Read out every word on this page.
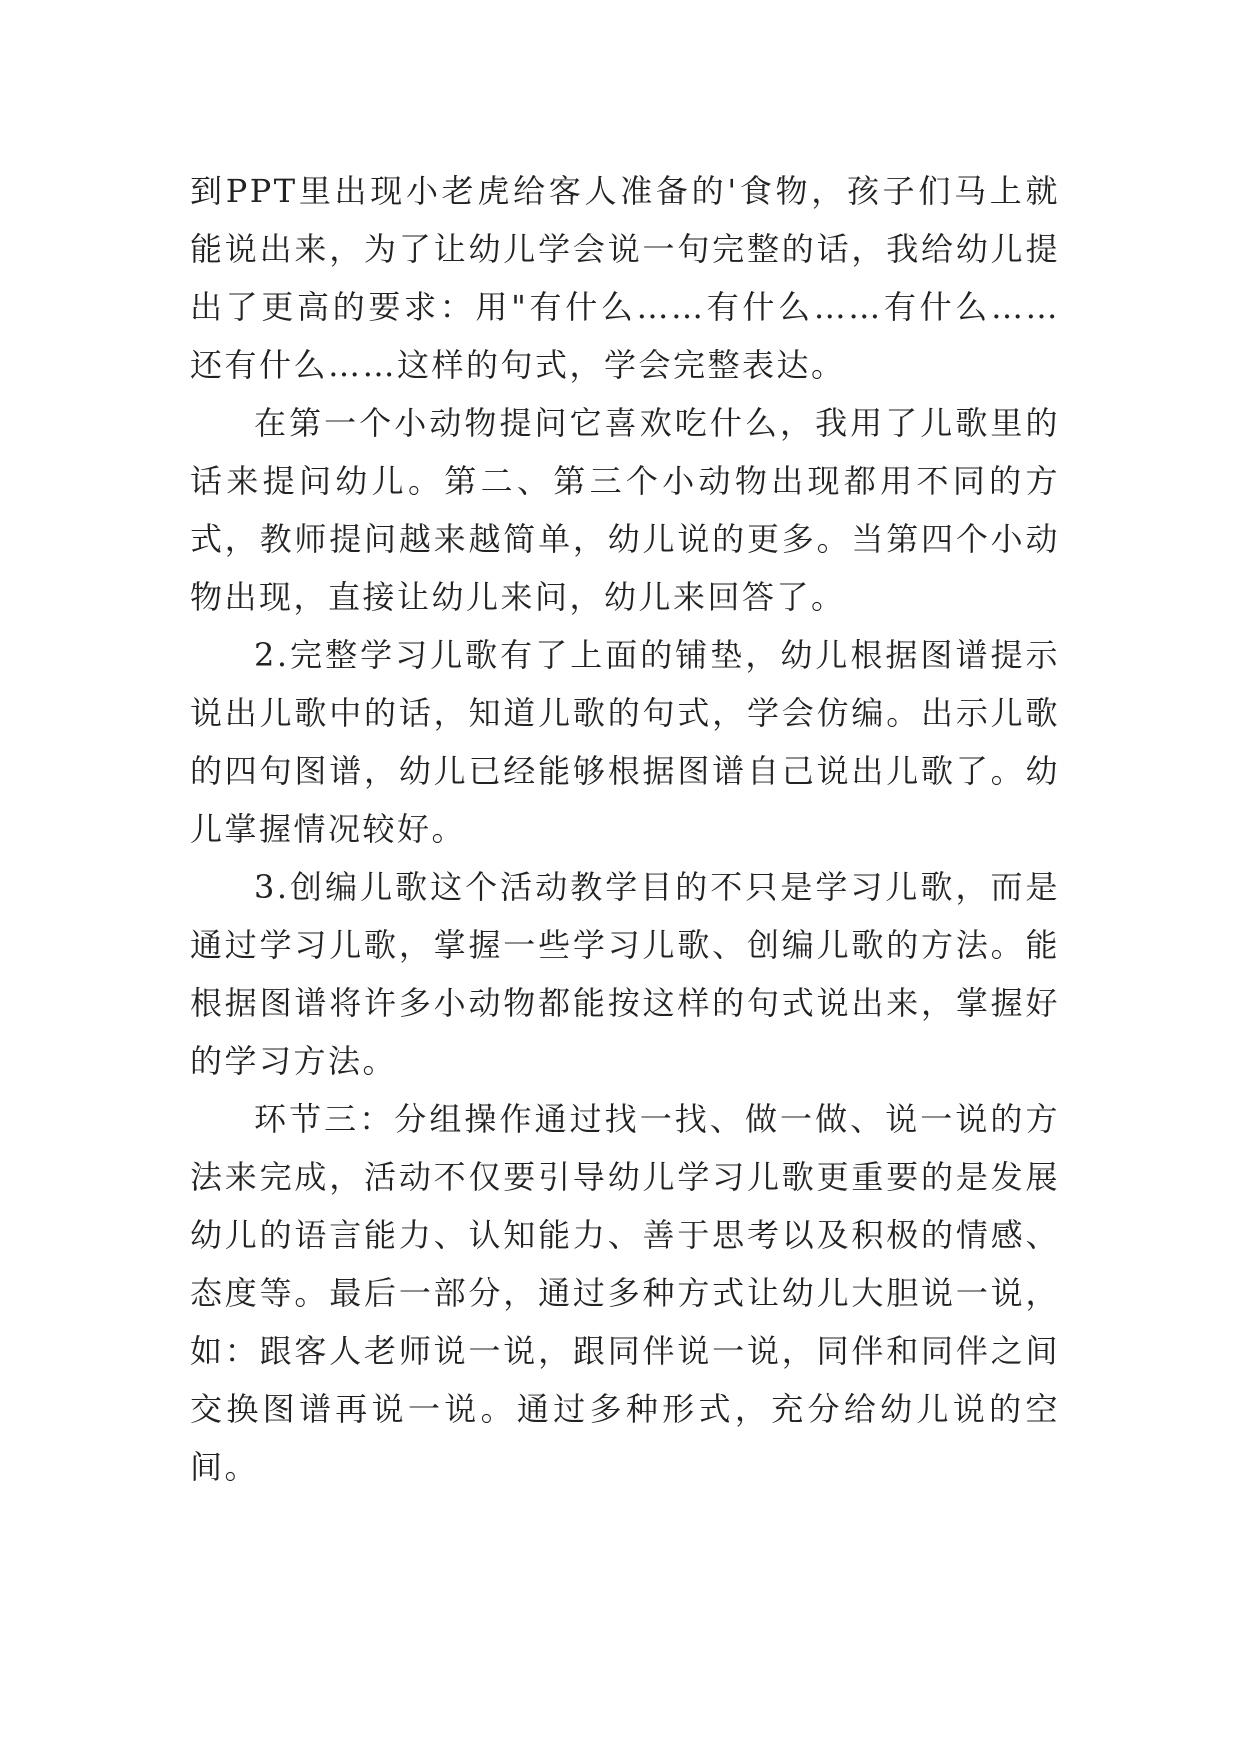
到PPT里出现小老虎给客人准备的'食物，孩子们马上就能说出来，为了让幼儿学会说一句完整的话，我给幼儿提出了更高的要求：用"有什么……有什么……有什么……还有什么……这样的句式，学会完整表达。

在第一个小动物提问它喜欢吃什么，我用了儿歌里的话来提问幼儿。第二、第三个小动物出现都用不同的方式，教师提问越来越简单，幼儿说的更多。当第四个小动物出现，直接让幼儿来问，幼儿来回答了。

2.完整学习儿歌有了上面的铺垫，幼儿根据图谱提示说出儿歌中的话，知道儿歌的句式，学会仿编。出示儿歌的四句图谱，幼儿已经能够根据图谱自己说出儿歌了。幼儿掌握情况较好。

3.创编儿歌这个活动教学目的不只是学习儿歌，而是通过学习儿歌，掌握一些学习儿歌、创编儿歌的方法。能根据图谱将许多小动物都能按这样的句式说出来，掌握好的学习方法。

环节三：分组操作通过找一找、做一做、说一说的方法来完成，活动不仅要引导幼儿学习儿歌更重要的是发展幼儿的语言能力、认知能力、善于思考以及积极的情感、态度等。最后一部分，通过多种方式让幼儿大胆说一说，如：跟客人老师说一说，跟同伴说一说，同伴和同伴之间交换图谱再说一说。通过多种形式，充分给幼儿说的空间。
